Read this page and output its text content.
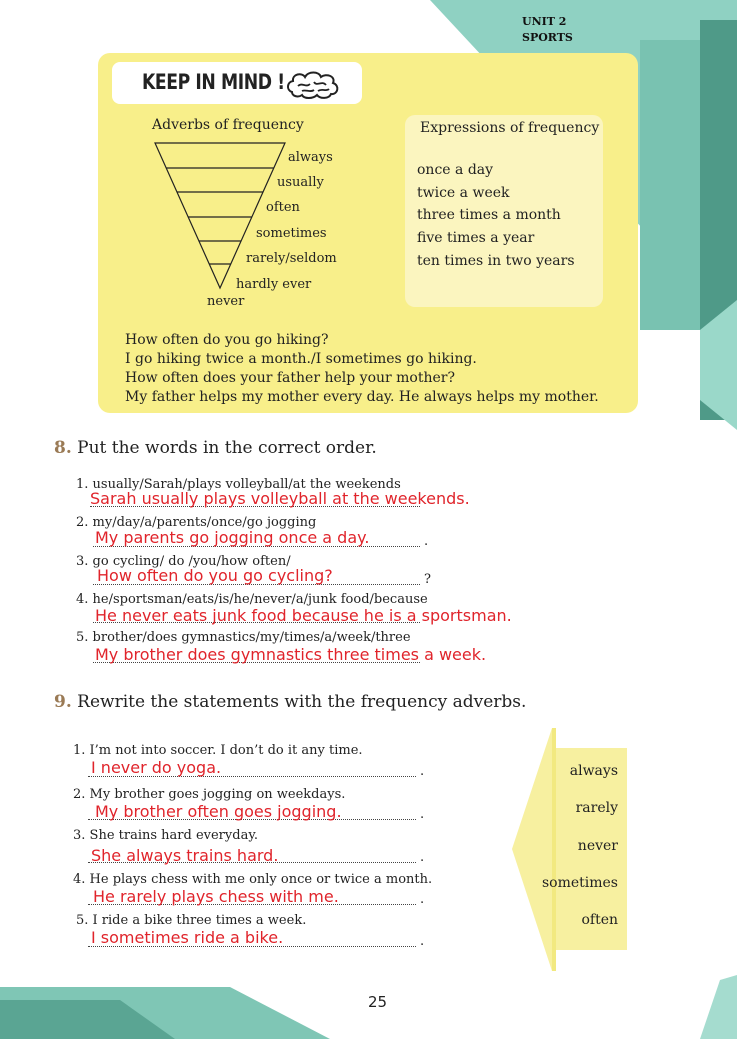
UNIT 2
SPORTS
KEEP IN MIND !
Adverbs of frequency
always
usually
often
sometimes
rarely/seldom
hardly ever
never
Expressions of frequency
once a day
twice a week
three times a month
five times a year
ten times in two years
How often do you go hiking?
I go hiking twice a month./I sometimes go hiking.
How often does your father help your mother?
My father helps my mother every day. He always helps my mother.
8. Put the words in the correct order.
1. usually/Sarah/plays volleyball/at the weekends
Sarah usually plays volleyball at the weekends.
2. my/day/a/parents/once/go jogging
.
My parents go jogging once a day.
3. go cycling/ do /you/how often/
?
How often do you go cycling?
4. he/sportsman/eats/is/he/never/a/junk food/because
He never eats junk food because he is a sportsman.
5. brother/does gymnastics/my/times/a/week/three
My brother does gymnastics three times a week.
9. Rewrite the statements with the frequency adverbs.
1. I’m not into soccer. I don’t do it any time.
.
I never do yoga.
2. My brother goes jogging on weekdays.
.
My brother often goes jogging.
3. She trains hard everyday.
.
She always trains hard.
4. He plays chess with me only once or twice a month.
.
He rarely plays chess with me.
5. I ride a bike three times a week.
.
I sometimes ride a bike.
always
rarely
never
sometimes
often
25
